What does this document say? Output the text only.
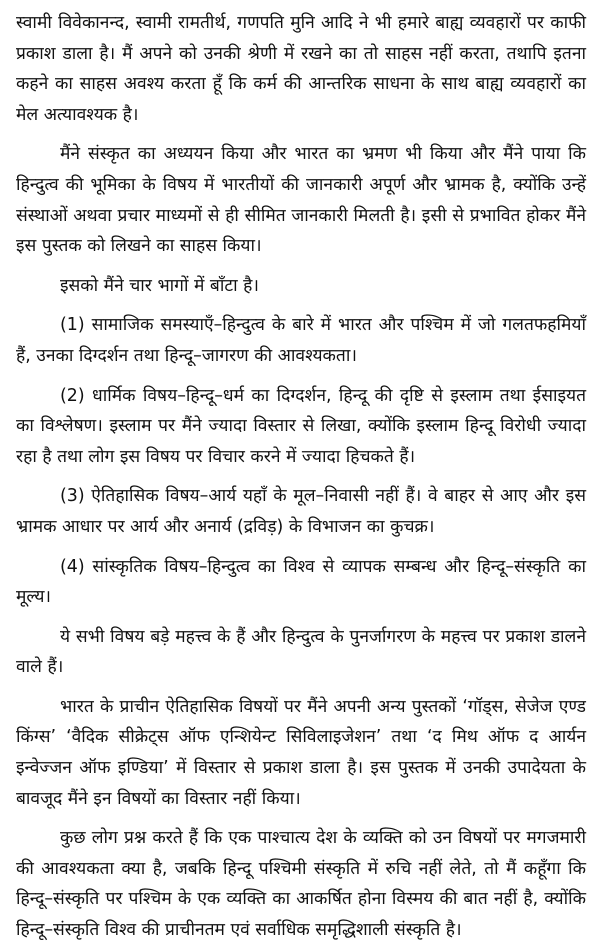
स्वामी विवेकानन्द, स्वामी रामतीर्थ, गणपति मुनि आदि ने भी हमारे बाह्य व्यवहारों पर काफी प्रकाश डाला है। मैं अपने को उनकी श्रेणी में रखने का तो साहस नहीं करता, तथापि इतना कहने का साहस अवश्य करता हूँ कि कर्म की आन्तरिक साधना के साथ बाह्य व्यवहारों का मेल अत्यावश्यक है।

मैंने संस्कृत का अध्ययन किया और भारत का भ्रमण भी किया और मैंने पाया कि हिन्दुत्व की भूमिका के विषय में भारतीयों की जानकारी अपूर्ण और भ्रामक है, क्योंकि उन्हें संस्थाओं अथवा प्रचार माध्यमों से ही सीमित जानकारी मिलती है। इसी से प्रभावित होकर मैंने इस पुस्तक को लिखने का साहस किया।

इसको मैंने चार भागों में बाँटा है।

(1) सामाजिक समस्याएँ–हिन्दुत्व के बारे में भारत और पश्चिम में जो गलतफहमियाँ हैं, उनका दिग्दर्शन तथा हिन्दू–जागरण की आवश्यकता।

(2) धार्मिक विषय–हिन्दू–धर्म का दिग्दर्शन, हिन्दू की दृष्टि से इस्लाम तथा ईसाइयत का विश्लेषण। इस्लाम पर मैंने ज्यादा विस्तार से लिखा, क्योंकि इस्लाम हिन्दू विरोधी ज्यादा रहा है तथा लोग इस विषय पर विचार करने में ज्यादा हिचकते हैं।

(3) ऐतिहासिक विषय–आर्य यहाँ के मूल–निवासी नहीं हैं। वे बाहर से आए और इस भ्रामक आधार पर आर्य और अनार्य (द्रविड़) के विभाजन का कुचक्र।

(4) सांस्कृतिक विषय–हिन्दुत्व का विश्व से व्यापक सम्बन्ध और हिन्दू–संस्कृति का मूल्य।

ये सभी विषय बड़े महत्त्व के हैं और हिन्दुत्व के पुनर्जागरण के महत्त्व पर प्रकाश डालने वाले हैं।

भारत के प्राचीन ऐतिहासिक विषयों पर मैंने अपनी अन्य पुस्तकों ‘गॉड्स, सेजेज एण्ड किंग्स’ ‘वैदिक सीक्रेट्स ऑफ एन्शियेन्ट सिविलाइजेशन’ तथा ‘द मिथ ऑफ द आर्यन इन्वेज्जन ऑफ इण्डिया’ में विस्तार से प्रकाश डाला है। इस पुस्तक में उनकी उपादेयता के बावजूद मैंने इन विषयों का विस्तार नहीं किया।

कुछ लोग प्रश्न करते हैं कि एक पाश्चात्य देश के व्यक्ति को उन विषयों पर मगजमारी की आवश्यकता क्या है, जबकि हिन्दू पश्चिमी संस्कृति में रुचि नहीं लेते, तो मैं कहूँगा कि हिन्दू–संस्कृति पर पश्चिम के एक व्यक्ति का आकर्षित होना विस्मय की बात नहीं है, क्योंकि हिन्दू–संस्कृति विश्व की प्राचीनतम एवं सर्वाधिक समृद्धिशाली संस्कृति है।
